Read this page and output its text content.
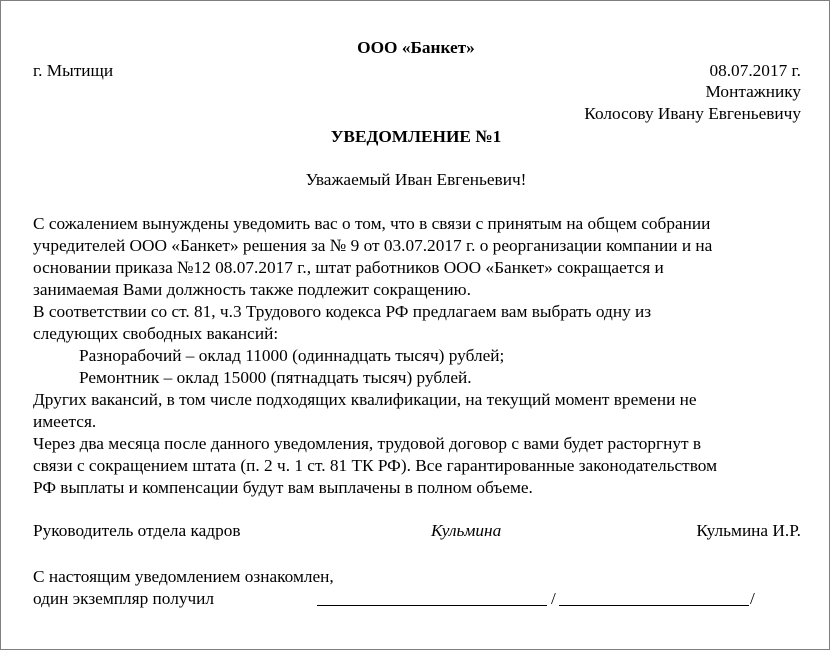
ООО «Банкет»
г. Мытищи	08.07.2017 г.
Монтажнику
Колосову Ивану Евгеньевичу
УВЕДОМЛЕНИЕ №1
Уважаемый Иван Евгеньевич!
С сожалением вынуждены уведомить вас о том, что в связи с принятым на общем собрании
учредителей ООО «Банкет» решения за № 9 от 03.07.2017 г. о реорганизации компании и на
основании приказа №12 08.07.2017 г., штат работников ООО «Банкет» сокращается и
занимаемая Вами должность также подлежит сокращению.
В соответствии со ст. 81, ч.3 Трудового кодекса РФ предлагаем вам выбрать одну из
следующих свободных вакансий:
Разнорабочий – оклад 11000 (одиннадцать тысяч) рублей;
Ремонтник – оклад 15000 (пятнадцать тысяч) рублей.
Других вакансий, в том числе подходящих квалификации, на текущий момент времени не
имеется.
Через два месяца после данного уведомления, трудовой договор с вами будет расторгнут в
связи с сокращением штата (п. 2 ч. 1 ст. 81 ТК РФ). Все гарантированные законодательством
РФ выплаты и компенсации будут вам выплачены в полном объеме.
Руководитель отдела кадров	Кульмина	Кульмина И.Р.
С настоящим уведомлением ознакомлен,
один экземпляр получил	/	/
